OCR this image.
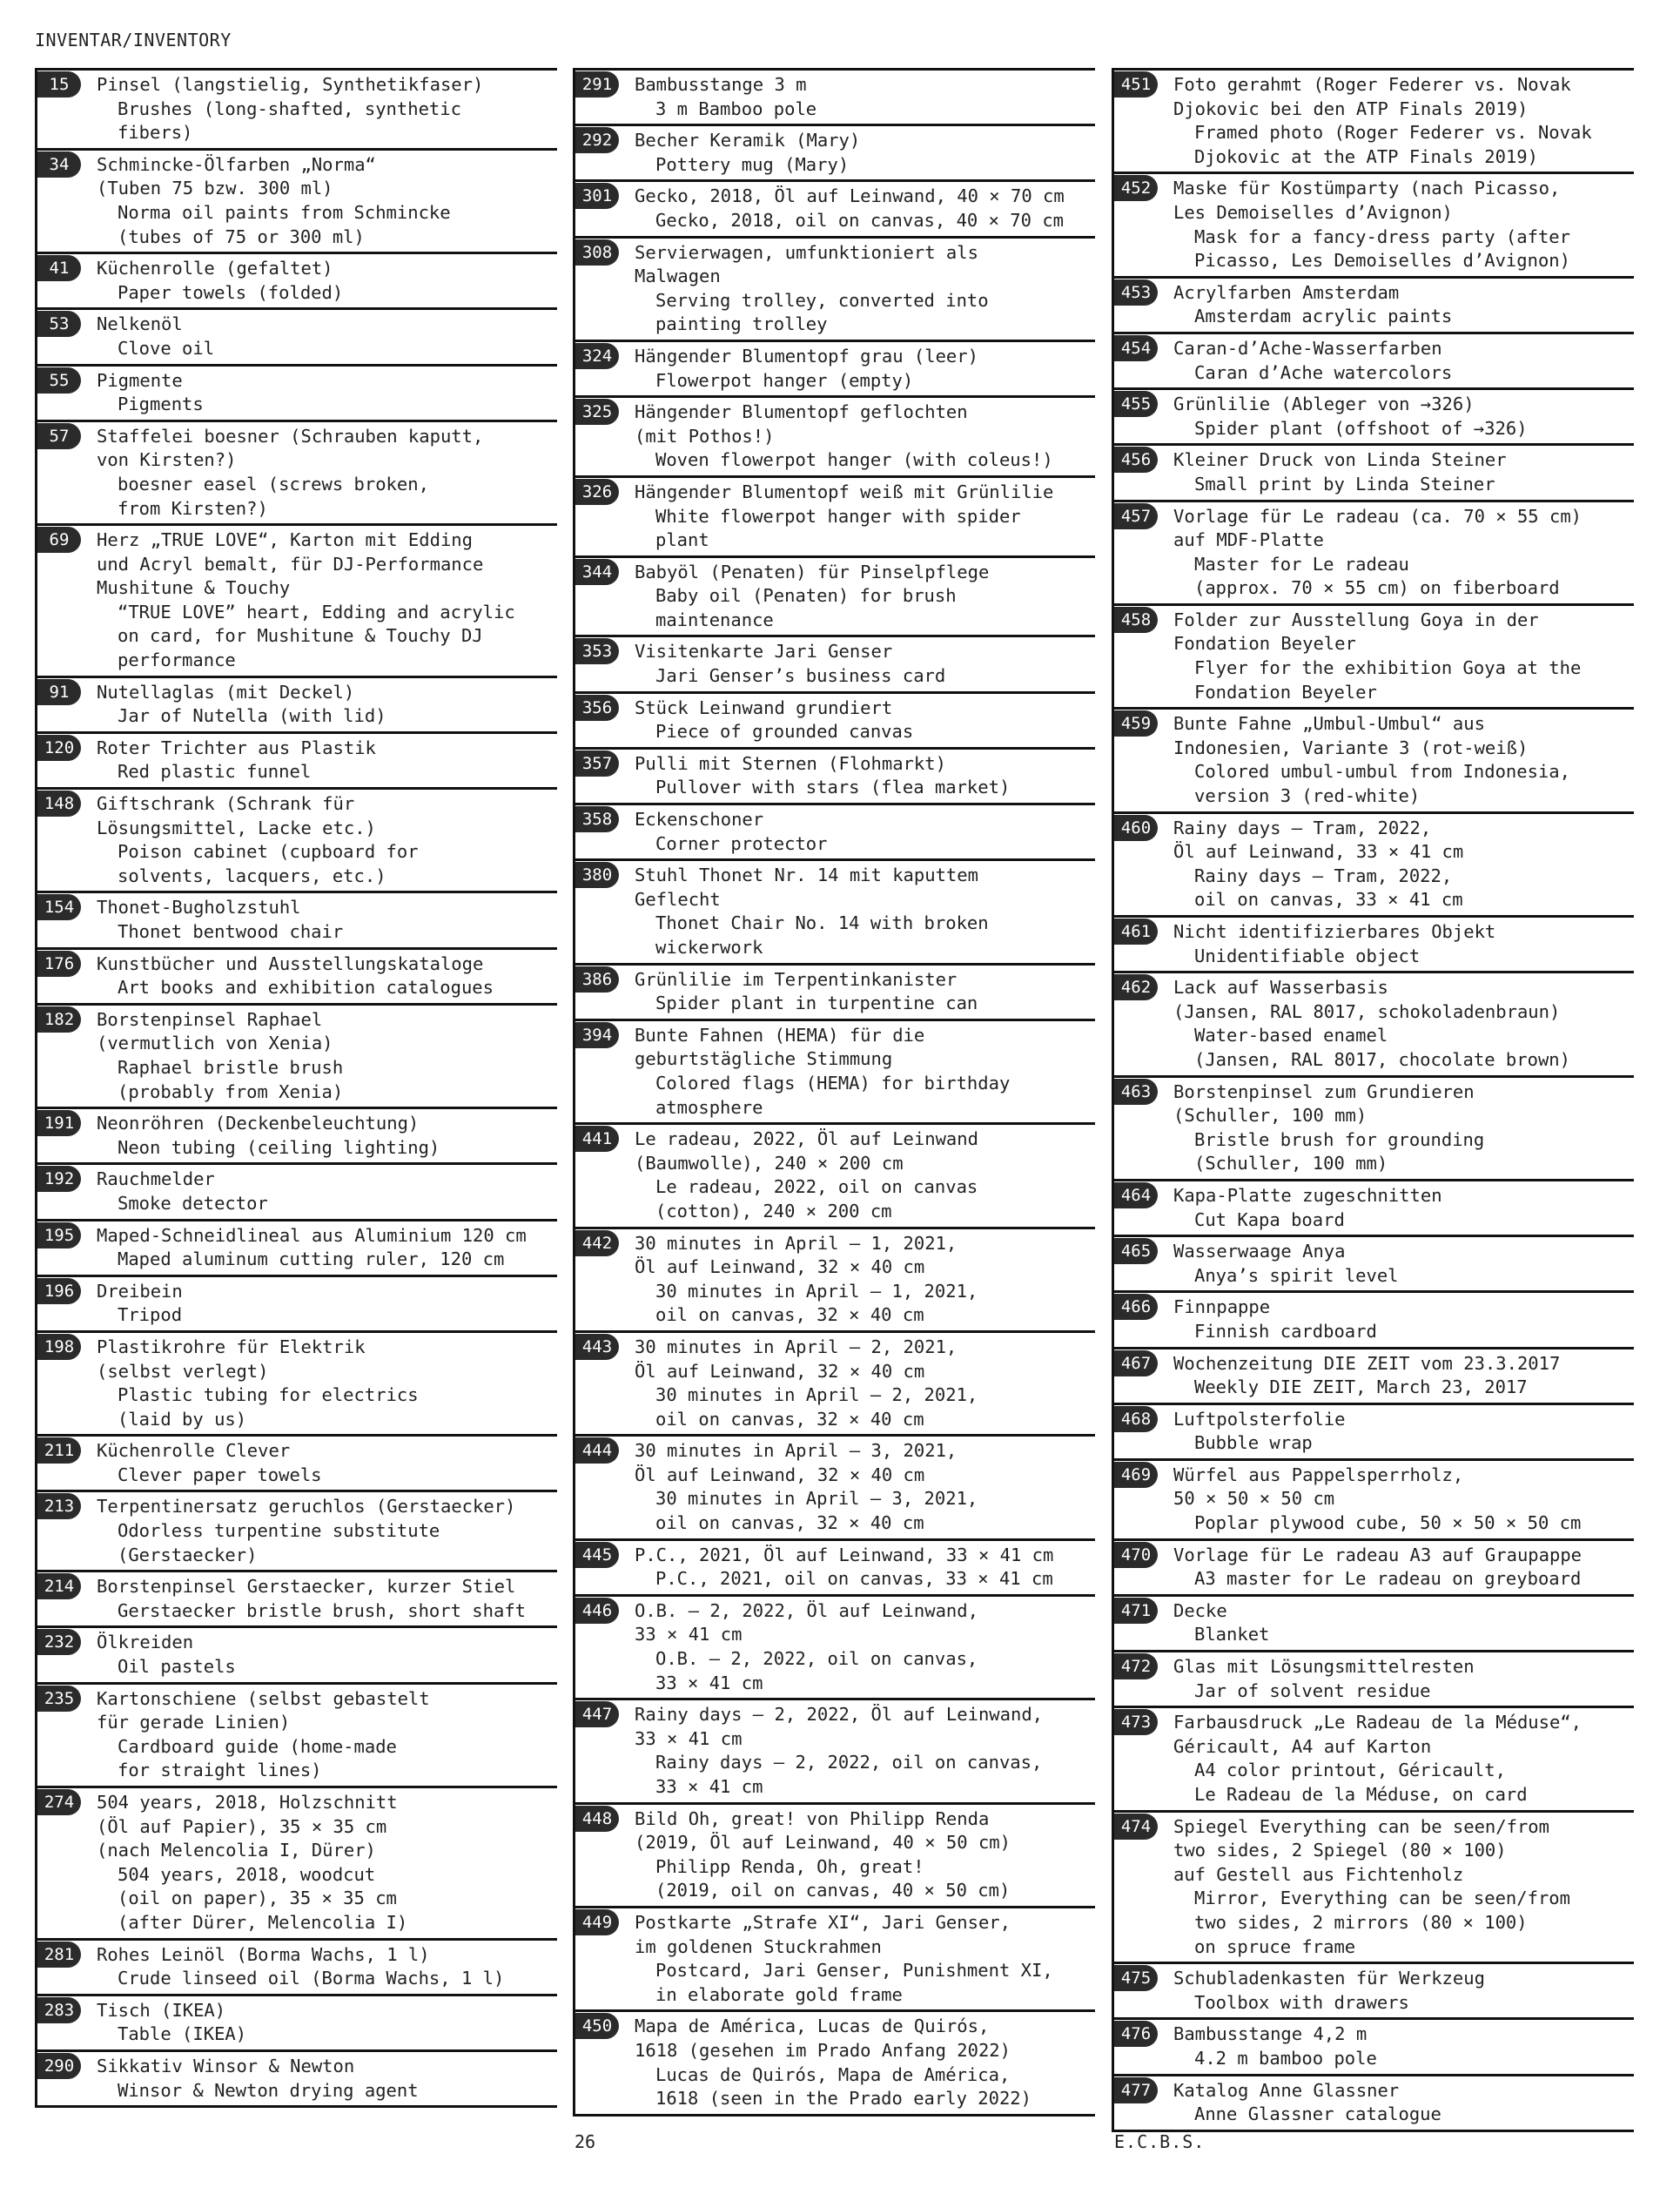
INVENTAR/INVENTORY
15	Pinsel (langstielig, Synthetikfaser)
Brushes (long-shafted, synthetic
fibers)
34	Schmincke-Ölfarben „Norma“
(Tuben 75 bzw. 300 ml)
Norma oil paints from Schmincke
(tubes of 75 or 300 ml)
41	Küchenrolle (gefaltet)
Paper towels (folded)
53	Nelkenöl
Clove oil
55	Pigmente
Pigments
57	Staffelei boesner (Schrauben kaputt,
von Kirsten?)
boesner easel (screws broken,
from Kirsten?)
69	Herz „TRUE LOVE“, Karton mit Edding
und Acryl bemalt, für DJ-Performance
Mushitune & Touchy
“TRUE LOVE” heart, Edding and acrylic
on card, for Mushitune & Touchy DJ
performance
91	Nutellaglas (mit Deckel)
Jar of Nutella (with lid)
120	Roter Trichter aus Plastik
Red plastic funnel
148	Giftschrank (Schrank für
Lösungsmittel, Lacke etc.)
Poison cabinet (cupboard for
solvents, lacquers, etc.)
154	Thonet-Bugholzstuhl
Thonet bentwood chair
176	Kunstbücher und Ausstellungskataloge
Art books and exhibition catalogues
182	Borstenpinsel Raphael
(vermutlich von Xenia)
Raphael bristle brush
(probably from Xenia)
191	Neonröhren (Deckenbeleuchtung)
Neon tubing (ceiling lighting)
192	Rauchmelder
Smoke detector
195	Maped-Schneidlineal aus Aluminium 120 cm
Maped aluminum cutting ruler, 120 cm
196	Dreibein
Tripod
198	Plastikrohre für Elektrik
(selbst verlegt)
Plastic tubing for electrics
(laid by us)
211	Küchenrolle Clever
Clever paper towels
213	Terpentinersatz geruchlos (Gerstaecker)
Odorless turpentine substitute
(Gerstaecker)
214	Borstenpinsel Gerstaecker, kurzer Stiel
Gerstaecker bristle brush, short shaft
232	Ölkreiden
Oil pastels
235	Kartonschiene (selbst gebastelt
für gerade Linien)
Cardboard guide (home-made
for straight lines)
274	504 years, 2018, Holzschnitt
(Öl auf Papier), 35 × 35 cm
(nach Melencolia I, Dürer)
504 years, 2018, woodcut
(oil on paper), 35 × 35 cm
(after Dürer, Melencolia I)
281	Rohes Leinöl (Borma Wachs, 1 l)
Crude linseed oil (Borma Wachs, 1 l)
283	Tisch (IKEA)
Table (IKEA)
290	Sikkativ Winsor & Newton
Winsor & Newton drying agent
291	Bambusstange 3 m
3 m Bamboo pole
292	Becher Keramik (Mary)
Pottery mug (Mary)
301	Gecko, 2018, Öl auf Leinwand, 40 × 70 cm
Gecko, 2018, oil on canvas, 40 × 70 cm
308	Servierwagen, umfunktioniert als
Malwagen
Serving trolley, converted into
painting trolley
324	Hängender Blumentopf grau (leer)
Flowerpot hanger (empty)
325	Hängender Blumentopf geflochten
(mit Pothos!)
Woven flowerpot hanger (with coleus!)
326	Hängender Blumentopf weiß mit Grünlilie
White flowerpot hanger with spider
plant
344	Babyöl (Penaten) für Pinselpflege
Baby oil (Penaten) for brush
maintenance
353	Visitenkarte Jari Genser
Jari Genser’s business card
356	Stück Leinwand grundiert
Piece of grounded canvas
357	Pulli mit Sternen (Flohmarkt)
Pullover with stars (flea market)
358	Eckenschoner
Corner protector
380	Stuhl Thonet Nr. 14 mit kaputtem
Geflecht
Thonet Chair No. 14 with broken
wickerwork
386	Grünlilie im Terpentinkanister
Spider plant in turpentine can
394	Bunte Fahnen (HEMA) für die
geburtstägliche Stimmung
Colored flags (HEMA) for birthday
atmosphere
441	Le radeau, 2022, Öl auf Leinwand
(Baumwolle), 240 × 200 cm
Le radeau, 2022, oil on canvas
(cotton), 240 × 200 cm
442	30 minutes in April – 1, 2021,
Öl auf Leinwand, 32 × 40 cm
30 minutes in April – 1, 2021,
oil on canvas, 32 × 40 cm
443	30 minutes in April – 2, 2021,
Öl auf Leinwand, 32 × 40 cm
30 minutes in April – 2, 2021,
oil on canvas, 32 × 40 cm
444	30 minutes in April – 3, 2021,
Öl auf Leinwand, 32 × 40 cm
30 minutes in April – 3, 2021,
oil on canvas, 32 × 40 cm
445	P.C., 2021, Öl auf Leinwand, 33 × 41 cm
P.C., 2021, oil on canvas, 33 × 41 cm
446	O.B. – 2, 2022, Öl auf Leinwand,
33 × 41 cm
O.B. – 2, 2022, oil on canvas,
33 × 41 cm
447	Rainy days – 2, 2022, Öl auf Leinwand,
33 × 41 cm
Rainy days – 2, 2022, oil on canvas,
33 × 41 cm
448	Bild Oh, great! von Philipp Renda
(2019, Öl auf Leinwand, 40 × 50 cm)
Philipp Renda, Oh, great!
(2019, oil on canvas, 40 × 50 cm)
449	Postkarte „Strafe XI“, Jari Genser,
im goldenen Stuckrahmen
Postcard, Jari Genser, Punishment XI,
in elaborate gold frame
450	Mapa de América, Lucas de Quirós,
1618 (gesehen im Prado Anfang 2022)
Lucas de Quirós, Mapa de América,
1618 (seen in the Prado early 2022)
451	Foto gerahmt (Roger Federer vs. Novak
Djokovic bei den ATP Finals 2019)
Framed photo (Roger Federer vs. Novak
Djokovic at the ATP Finals 2019)
452	Maske für Kostümparty (nach Picasso,
Les Demoiselles d’Avignon)
Mask for a fancy-dress party (after
Picasso, Les Demoiselles d’Avignon)
453	Acrylfarben Amsterdam
Amsterdam acrylic paints
454	Caran-d’Ache-Wasserfarben
Caran d’Ache watercolors
455	Grünlilie (Ableger von →326)
Spider plant (offshoot of →326)
456	Kleiner Druck von Linda Steiner
Small print by Linda Steiner
457	Vorlage für Le radeau (ca. 70 × 55 cm)
auf MDF-Platte
Master for Le radeau
(approx. 70 × 55 cm) on fiberboard
458	Folder zur Ausstellung Goya in der
Fondation Beyeler
Flyer for the exhibition Goya at the
Fondation Beyeler
459	Bunte Fahne „Umbul-Umbul“ aus
Indonesien, Variante 3 (rot-weiß)
Colored umbul-umbul from Indonesia,
version 3 (red-white)
460	Rainy days – Tram, 2022,
Öl auf Leinwand, 33 × 41 cm
Rainy days – Tram, 2022,
oil on canvas, 33 × 41 cm
461	Nicht identifizierbares Objekt
Unidentifiable object
462	Lack auf Wasserbasis
(Jansen, RAL 8017, schokoladenbraun)
Water-based enamel
(Jansen, RAL 8017, chocolate brown)
463	Borstenpinsel zum Grundieren
(Schuller, 100 mm)
Bristle brush for grounding
(Schuller, 100 mm)
464	Kapa-Platte zugeschnitten
Cut Kapa board
465	Wasserwaage Anya
Anya’s spirit level
466	Finnpappe
Finnish cardboard
467	Wochenzeitung DIE ZEIT vom 23.3.2017
Weekly DIE ZEIT, March 23, 2017
468	Luftpolsterfolie
Bubble wrap
469	Würfel aus Pappelsperrholz,
50 × 50 × 50 cm
Poplar plywood cube, 50 × 50 × 50 cm
470	Vorlage für Le radeau A3 auf Graupappe
A3 master for Le radeau on greyboard
471	Decke
Blanket
472	Glas mit Lösungsmittelresten
Jar of solvent residue
473	Farbausdruck „Le Radeau de la Méduse“,
Géricault, A4 auf Karton
A4 color printout, Géricault,
Le Radeau de la Méduse, on card
474	Spiegel Everything can be seen/from
two sides, 2 Spiegel (80 × 100)
auf Gestell aus Fichtenholz
Mirror, Everything can be seen/from
two sides, 2 mirrors (80 × 100)
on spruce frame
475	Schubladenkasten für Werkzeug
Toolbox with drawers
476	Bambusstange 4,2 m
4.2 m bamboo pole
477	Katalog Anne Glassner
Anne Glassner catalogue
26	E.C.B.S.
